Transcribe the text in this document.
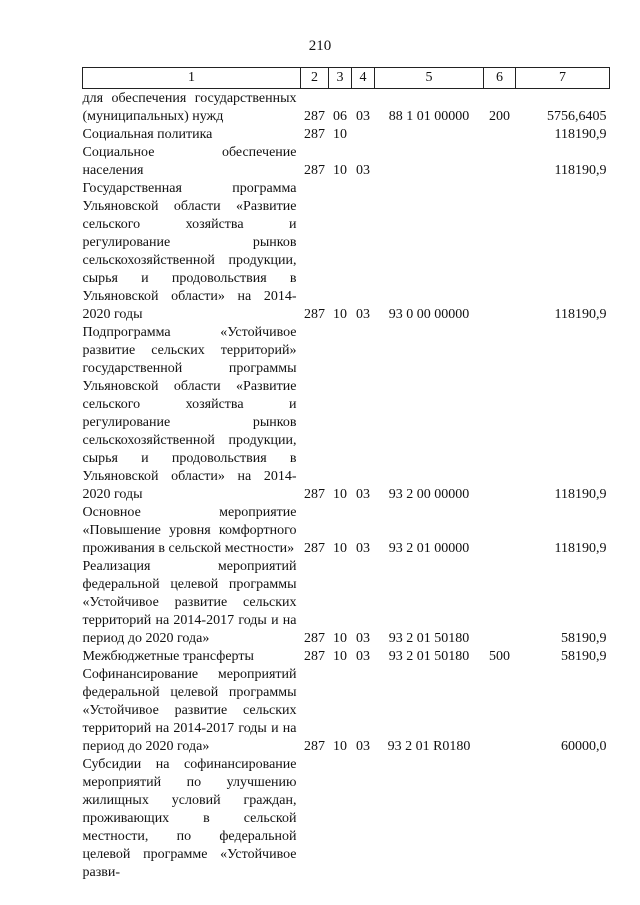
210
1	2	3	4	5	6	7
для обеспечения государственных (муниципальных) нужд	287	06	03	88 1 01 00000	200	5756,6405
Социальная политика	287	10				118190,9
Социальное обеспечение населения	287	10	03			118190,9
Государственная программа Ульяновской области «Развитие сельского хозяйства и регулирование рынков сельскохозяйственной продукции, сырья и продовольствия в Ульяновской области» на 2014-2020 годы	287	10	03	93 0 00 00000		118190,9
Подпрограмма «Устойчивое развитие сельских территорий» государственной программы Ульяновской области «Развитие сельского хозяйства и регулирование рынков сельскохозяйственной продукции, сырья и продовольствия в Ульяновской области» на 2014-2020 годы	287	10	03	93 2 00 00000		118190,9
Основное мероприятие «Повышение уровня комфортного проживания в сельской местности»	287	10	03	93 2 01 00000		118190,9
Реализация мероприятий федеральной целевой программы «Устойчивое развитие сельских территорий на 2014-2017 годы и на период до 2020 года»	287	10	03	93 2 01 50180		58190,9
Межбюджетные трансферты	287	10	03	93 2 01 50180	500	58190,9
Софинансирование мероприятий федеральной целевой программы «Устойчивое развитие сельских территорий на 2014-2017 годы и на период до 2020 года»	287	10	03	93 2 01 R0180		60000,0
Субсидии на софинансирование мероприятий по улучшению жилищных условий граждан, проживающих в сельской местности, по федеральной целевой программе «Устойчивое разви-						
